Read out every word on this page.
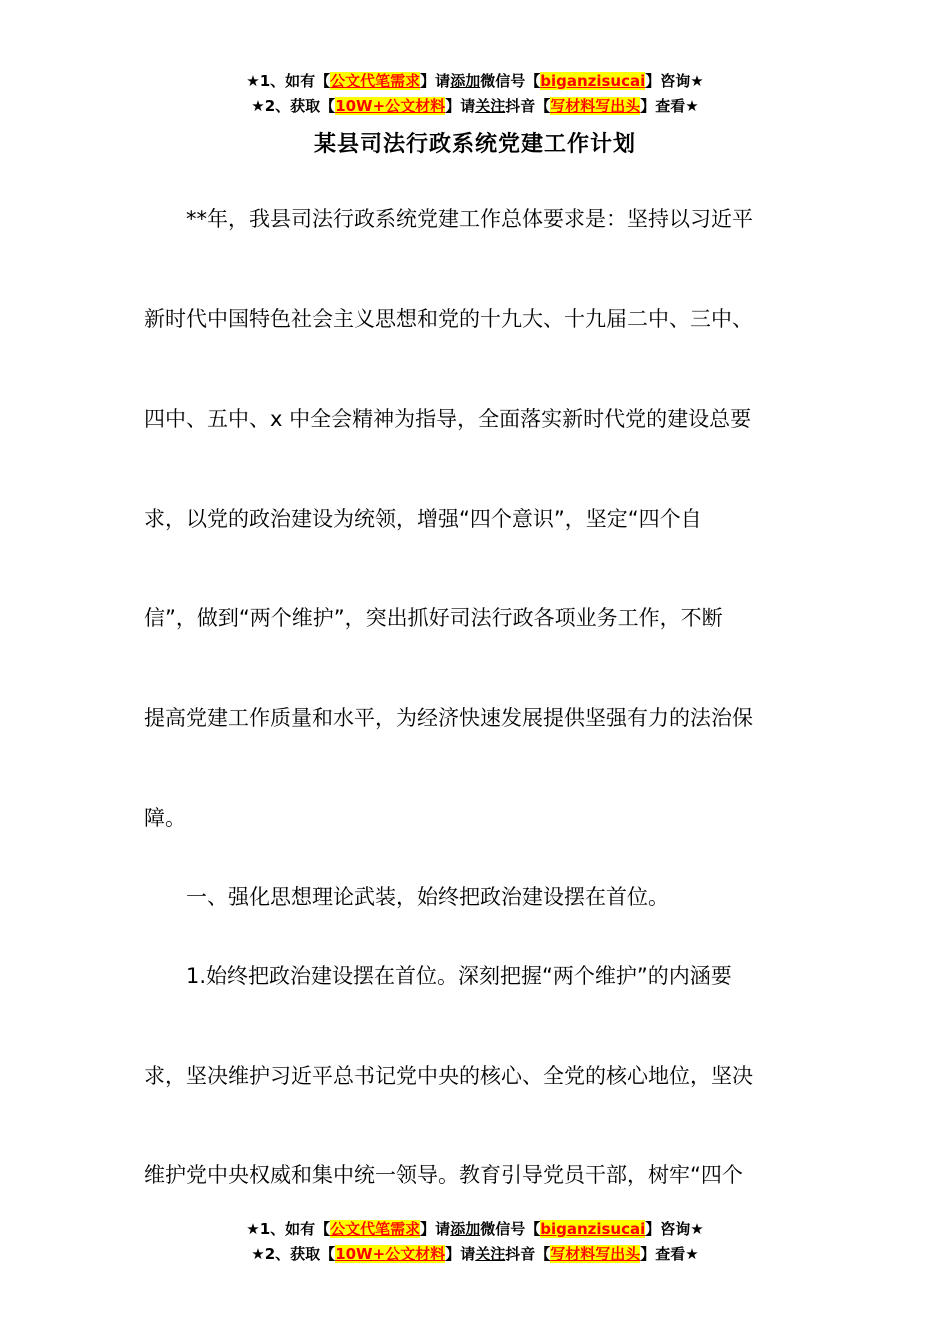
★1、如有【公文代笔需求】请添加微信号【biganzisucai】咨询★
★2、获取【10W+公文材料】请关注抖音【写材料写出头】查看★
某县司法行政系统党建工作计划
　　**年，我县司法行政系统党建工作总体要求是：坚持以习近平
新时代中国特色社会主义思想和党的十九大、十九届二中、三中、
四中、五中、x 中全会精神为指导，全面落实新时代党的建设总要
求，以党的政治建设为统领，增强“四个意识”，坚定“四个自
信”，做到“两个维护”，突出抓好司法行政各项业务工作，不断
提高党建工作质量和水平，为经济快速发展提供坚强有力的法治保
障。
　　一、强化思想理论武装，始终把政治建设摆在首位。
　　1.始终把政治建设摆在首位。深刻把握“两个维护”的内涵要
求，坚决维护习近平总书记党中央的核心、全党的核心地位，坚决
维护党中央权威和集中统一领导。教育引导党员干部，树牢“四个
★1、如有【公文代笔需求】请添加微信号【biganzisucai】咨询★
★2、获取【10W+公文材料】请关注抖音【写材料写出头】查看★
